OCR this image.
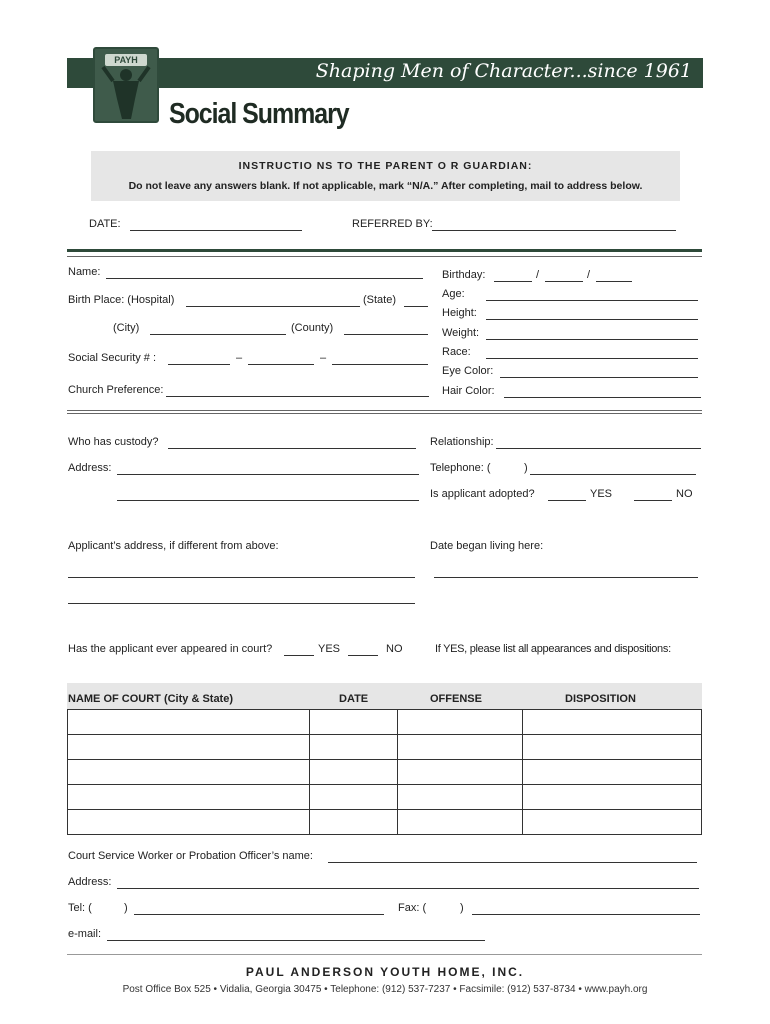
Shaping Men of Character...since 1961
PAYH
Social Summary
INSTRUCTIO NS TO THE PARENT O R GUARDIAN:
Do not leave any answers blank. If not applicable, mark “N/A.” After completing, mail to address below.
DATE:	REFERRED BY:
Name:
Birth Place: (Hospital)	(State)
(City)	(County)
Social Security # :	–	–
Church Preference:
Birthday:	/	/
Age:
Height:
Weight:
Race:
Eye Color:
Hair Color:
Who has custody?	Relationship:
Address:	Telephone: (	)
Is applicant adopted?	YES	NO
Applicant’s address, if different from above:	Date began living here:
Has the applicant ever appeared in court?	YES	NO	If YES, please list all appearances and dispositions:
NAME OF COURT (City & State)	DATE	OFFENSE	DISPOSITION
Court Service Worker or Probation Officer’s name:
Address:
Tel: (	)	Fax: (	)
e-mail:
PAUL ANDERSON YOUTH HOME, INC.
Post Office Box 525 • Vidalia, Georgia 30475 • Telephone: (912) 537-7237 • Facsimile: (912) 537-8734 • www.payh.org
